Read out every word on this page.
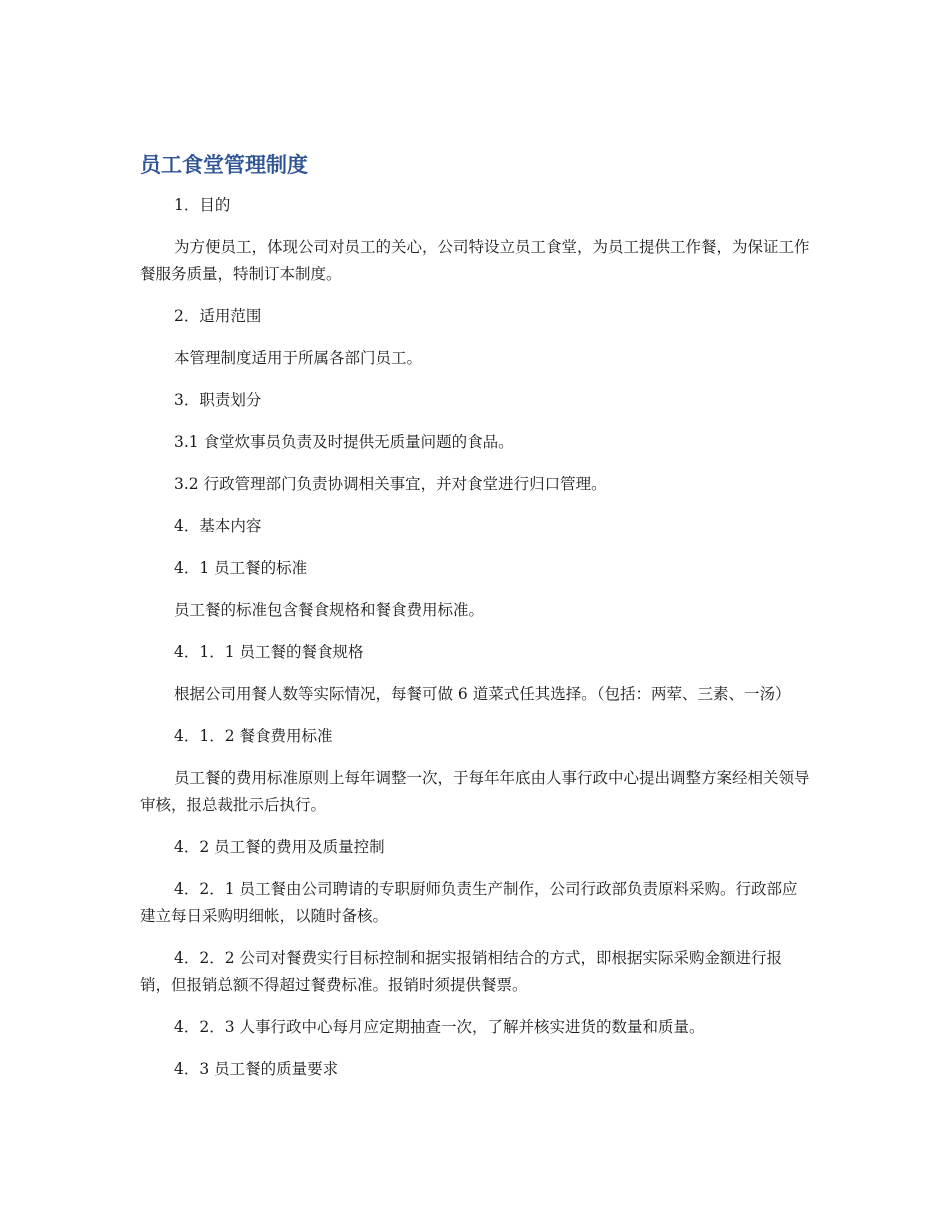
员工食堂管理制度

1．目的

为方便员工，体现公司对员工的关心，公司特设立员工食堂，为员工提供工作餐，为保证工作餐服务质量，特制订本制度。

2．适用范围

本管理制度适用于所属各部门员工。

3．职责划分

3.1 食堂炊事员负责及时提供无质量问题的食品。

3.2 行政管理部门负责协调相关事宜，并对食堂进行归口管理。

4．基本内容

4．1 员工餐的标准

员工餐的标准包含餐食规格和餐食费用标准。

4．1．1 员工餐的餐食规格

根据公司用餐人数等实际情况，每餐可做 6 道菜式任其选择。（包括：两荤、三素、一汤）

4．1．2 餐食费用标准

员工餐的费用标准原则上每年调整一次，于每年年底由人事行政中心提出调整方案经相关领导审核，报总裁批示后执行。

4．2 员工餐的费用及质量控制

4．2．1 员工餐由公司聘请的专职厨师负责生产制作，公司行政部负责原料采购。行政部应建立每日采购明细帐，以随时备核。

4．2．2 公司对餐费实行目标控制和据实报销相结合的方式，即根据实际采购金额进行报销，但报销总额不得超过餐费标准。报销时须提供餐票。

4．2．3 人事行政中心每月应定期抽查一次，了解并核实进货的数量和质量。

4．3 员工餐的质量要求
